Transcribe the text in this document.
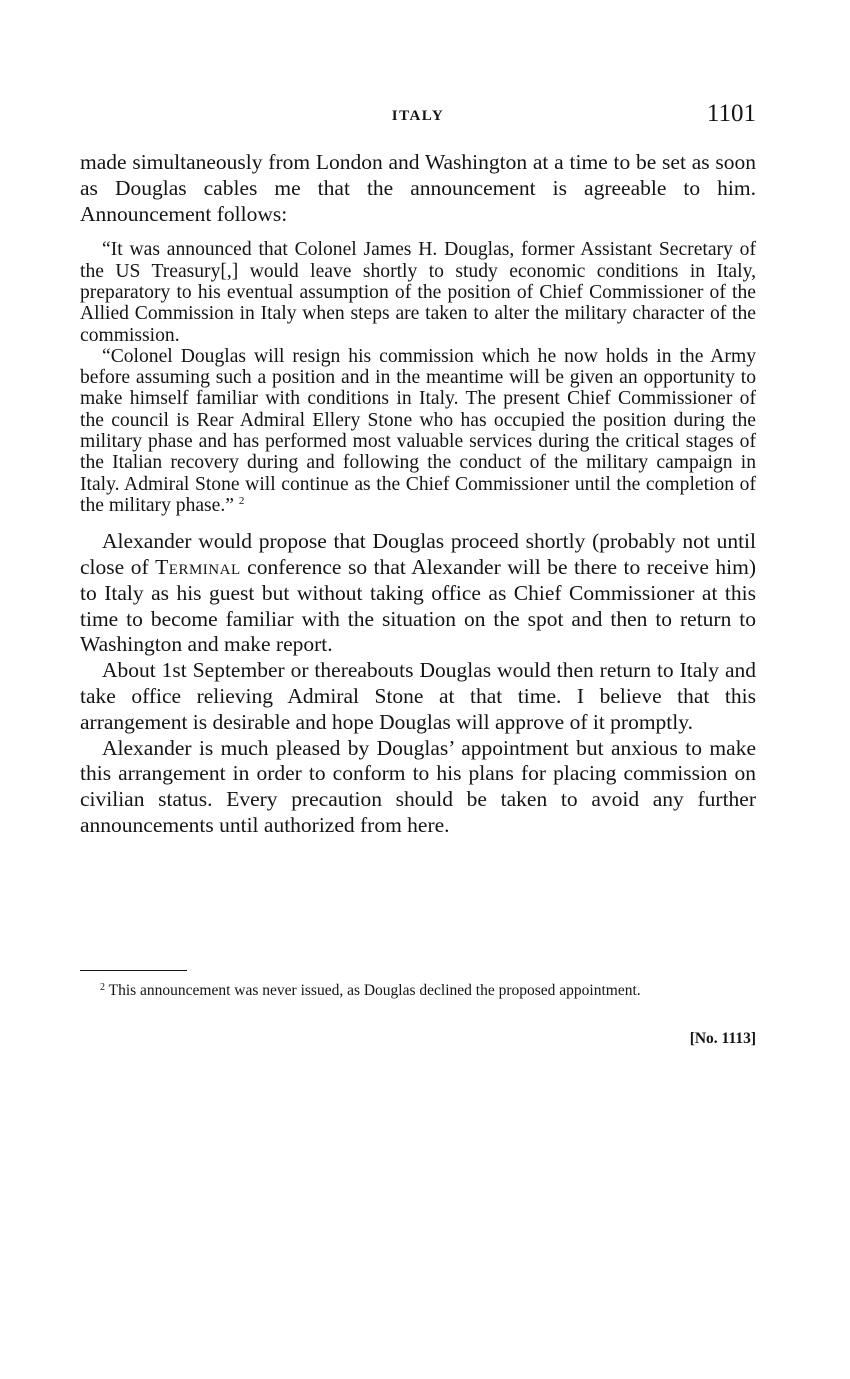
ITALY	1101

made simultaneously from London and Washington at a time to be set as soon as Douglas cables me that the announcement is agreeable to him. Announcement follows:

“It was announced that Colonel James H. Douglas, former Assistant Secretary of the US Treasury[,] would leave shortly to study economic conditions in Italy, preparatory to his eventual assumption of the position of Chief Commissioner of the Allied Commission in Italy when steps are taken to alter the military character of the commission.

“Colonel Douglas will resign his commission which he now holds in the Army before assuming such a position and in the meantime will be given an opportunity to make himself familiar with conditions in Italy. The present Chief Commissioner of the council is Rear Admiral Ellery Stone who has occupied the position during the military phase and has performed most valuable services during the critical stages of the Italian recovery during and following the conduct of the military campaign in Italy. Admiral Stone will continue as the Chief Commissioner until the completion of the military phase.” $^2$

Alexander would propose that Douglas proceed shortly (probably not until close of Terminal conference so that Alexander will be there to receive him) to Italy as his guest but without taking office as Chief Commissioner at this time to become familiar with the situation on the spot and then to return to Washington and make report.

About 1st September or thereabouts Douglas would then return to Italy and take office relieving Admiral Stone at that time. I believe that this arrangement is desirable and hope Douglas will approve of it promptly.

Alexander is much pleased by Douglas’ appointment but anxious to make this arrangement in order to conform to his plans for placing commission on civilian status. Every precaution should be taken to avoid any further announcements until authorized from here.

$^2$ This announcement was never issued, as Douglas declined the proposed appointment.

[No. 1113]
